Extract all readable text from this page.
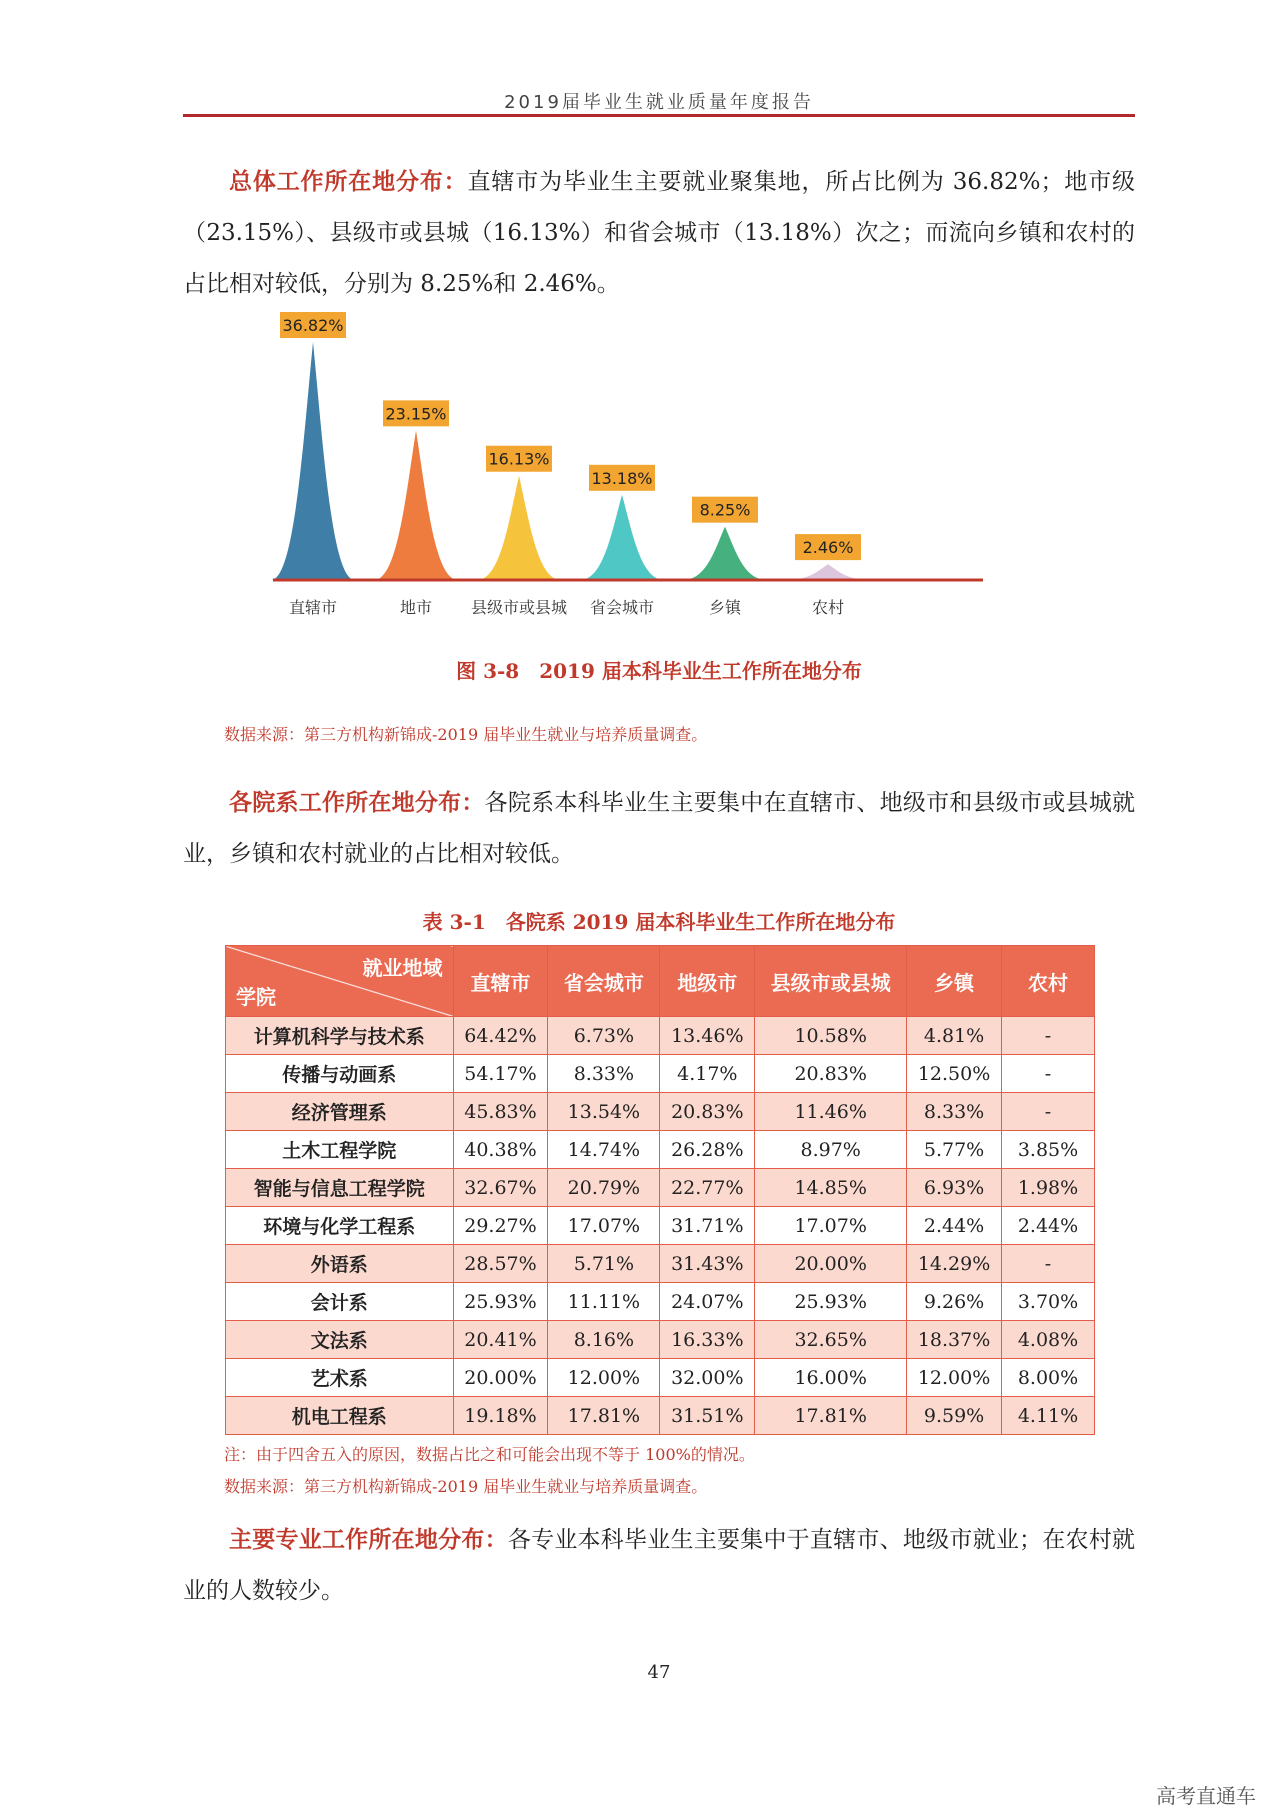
2019届毕业生就业质量年度报告
总体工作所在地分布：直辖市为毕业生主要就业聚集地，所占比例为 36.82%；地市级（23.15%）、县级市或县城（16.13%）和省会城市（13.18%）次之；而流向乡镇和农村的占比相对较低，分别为 8.25%和 2.46%。
36.82%
直辖市
23.15%
地市
16.13%
县级市或县城
13.18%
省会城市
8.25%
乡镇
2.46%
农村
图 3-8　2019 届本科毕业生工作所在地分布
数据来源：第三方机构新锦成-2019 届毕业生就业与培养质量调查。
各院系工作所在地分布：各院系本科毕业生主要集中在直辖市、地级市和县级市或县城就业，乡镇和农村就业的占比相对较低。
表 3-1　各院系 2019 届本科毕业生工作所在地分布
就业地域
学院	直辖市	省会城市	地级市	县级市或县城	乡镇	农村
计算机科学与技术系	64.42%	6.73%	13.46%	10.58%	4.81%	-
传播与动画系	54.17%	8.33%	4.17%	20.83%	12.50%	-
经济管理系	45.83%	13.54%	20.83%	11.46%	8.33%	-
土木工程学院	40.38%	14.74%	26.28%	8.97%	5.77%	3.85%
智能与信息工程学院	32.67%	20.79%	22.77%	14.85%	6.93%	1.98%
环境与化学工程系	29.27%	17.07%	31.71%	17.07%	2.44%	2.44%
外语系	28.57%	5.71%	31.43%	20.00%	14.29%	-
会计系	25.93%	11.11%	24.07%	25.93%	9.26%	3.70%
文法系	20.41%	8.16%	16.33%	32.65%	18.37%	4.08%
艺术系	20.00%	12.00%	32.00%	16.00%	12.00%	8.00%
机电工程系	19.18%	17.81%	31.51%	17.81%	9.59%	4.11%
注：由于四舍五入的原因，数据占比之和可能会出现不等于 100%的情况。
数据来源：第三方机构新锦成-2019 届毕业生就业与培养质量调查。
主要专业工作所在地分布：各专业本科毕业生主要集中于直辖市、地级市就业；在农村就业的人数较少。
47
高考直通车
